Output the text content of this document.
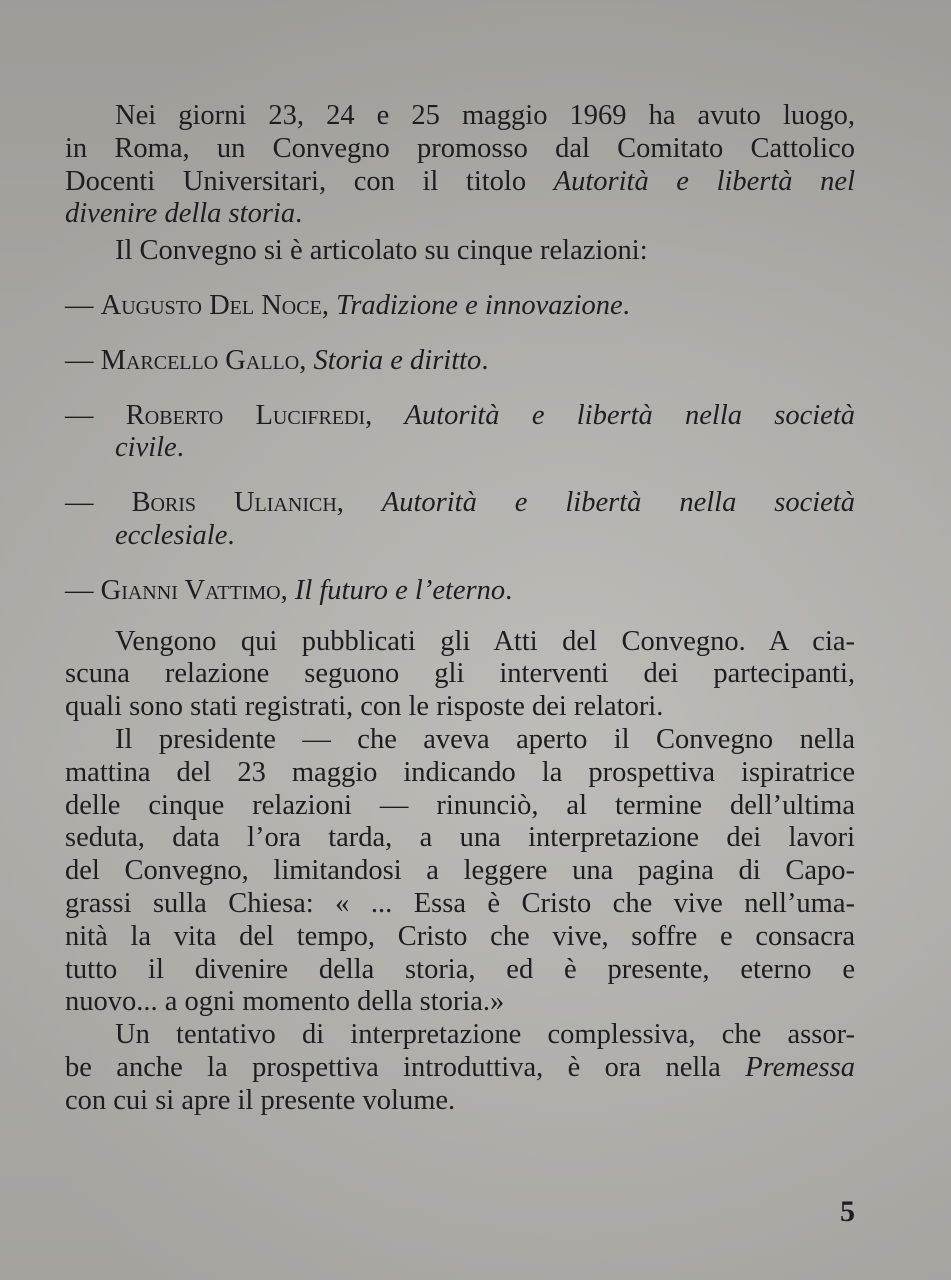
Nei giorni 23, 24 e 25 maggio 1969 ha avuto luogo,
in Roma, un Convegno promosso dal Comitato Cattolico
Docenti Universitari, con il titolo Autorità e libertà nel
divenire della storia.
Il Convegno si è articolato su cinque relazioni:
— Augusto Del Noce, Tradizione e innovazione.
— Marcello Gallo, Storia e diritto.
— Roberto Lucifredi, Autorità e libertà nella società
civile.
— Boris Ulianich, Autorità e libertà nella società
ecclesiale.
— Gianni Vattimo, Il futuro e l’eterno.
Vengono qui pubblicati gli Atti del Convegno. A cia-
scuna relazione seguono gli interventi dei partecipanti,
quali sono stati registrati, con le risposte dei relatori.
Il presidente — che aveva aperto il Convegno nella
mattina del 23 maggio indicando la prospettiva ispiratrice
delle cinque relazioni — rinunciò, al termine dell’ultima
seduta, data l’ora tarda, a una interpretazione dei lavori
del Convegno, limitandosi a leggere una pagina di Capo-
grassi sulla Chiesa: « ... Essa è Cristo che vive nell’uma-
nità la vita del tempo, Cristo che vive, soffre e consacra
tutto il divenire della storia, ed è presente, eterno e
nuovo... a ogni momento della storia.»
Un tentativo di interpretazione complessiva, che assor-
be anche la prospettiva introduttiva, è ora nella Premessa
con cui si apre il presente volume.
5
